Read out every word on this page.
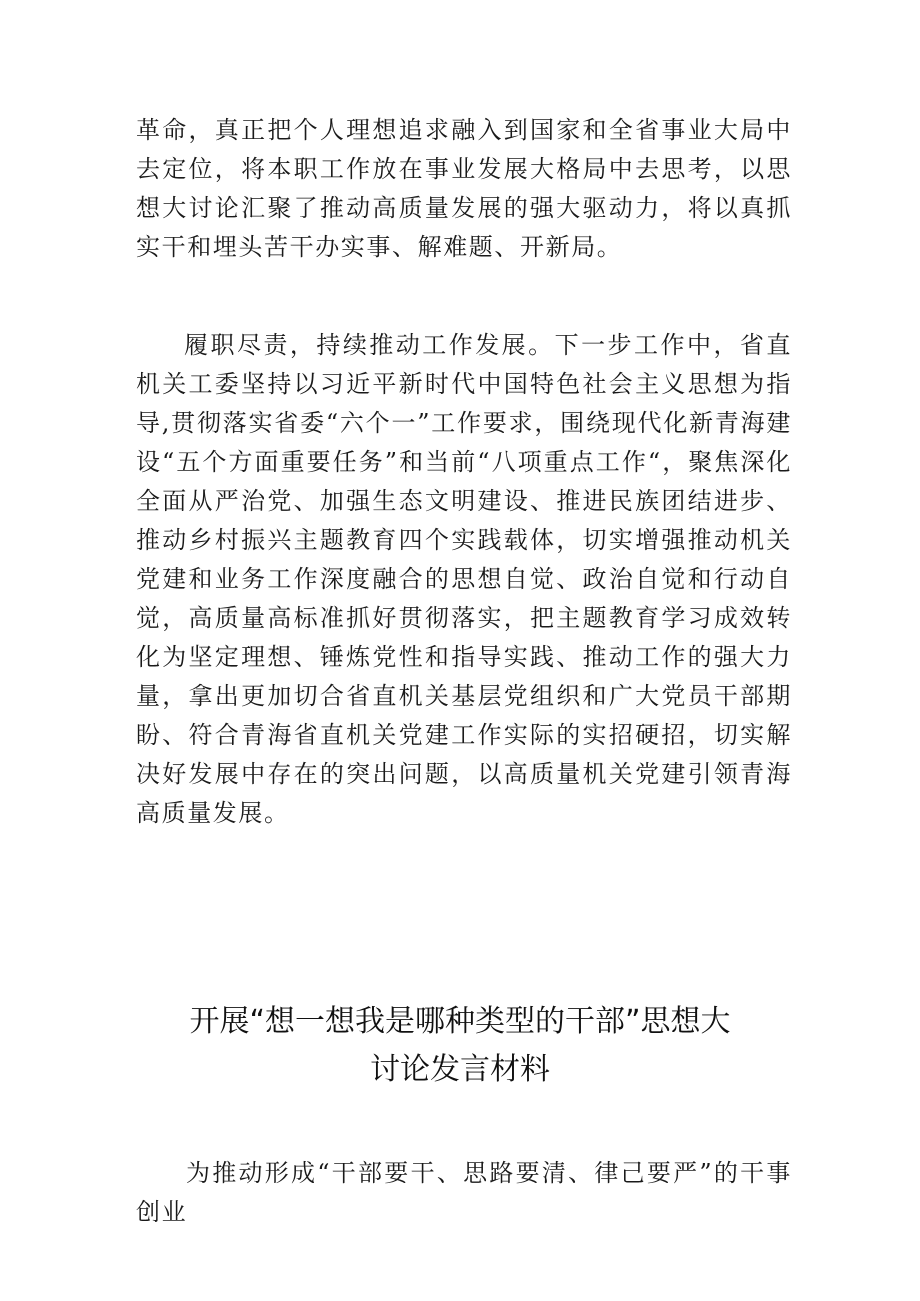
革命，真正把个人理想追求融入到国家和全省事业大局中去定位，将本职工作放在事业发展大格局中去思考，以思想大讨论汇聚了推动高质量发展的强大驱动力，将以真抓实干和埋头苦干办实事、解难题、开新局。

履职尽责，持续推动工作发展。下一步工作中，省直机关工委坚持以习近平新时代中国特色社会主义思想为指导,贯彻落实省委“六个一”工作要求，围绕现代化新青海建设“五个方面重要任务”和当前“八项重点工作“，聚焦深化全面从严治党、加强生态文明建设、推进民族团结进步、推动乡村振兴主题教育四个实践载体，切实增强推动机关党建和业务工作深度融合的思想自觉、政治自觉和行动自觉，高质量高标准抓好贯彻落实，把主题教育学习成效转化为坚定理想、锤炼党性和指导实践、推动工作的强大力量，拿出更加切合省直机关基层党组织和广大党员干部期盼、符合青海省直机关党建工作实际的实招硬招，切实解决好发展中存在的突出问题，以高质量机关党建引领青海高质量发展。

开展“想一想我是哪种类型的干部”思想大
讨论发言材料

为推动形成“干部要干、思路要清、律己要严”的干事创业
